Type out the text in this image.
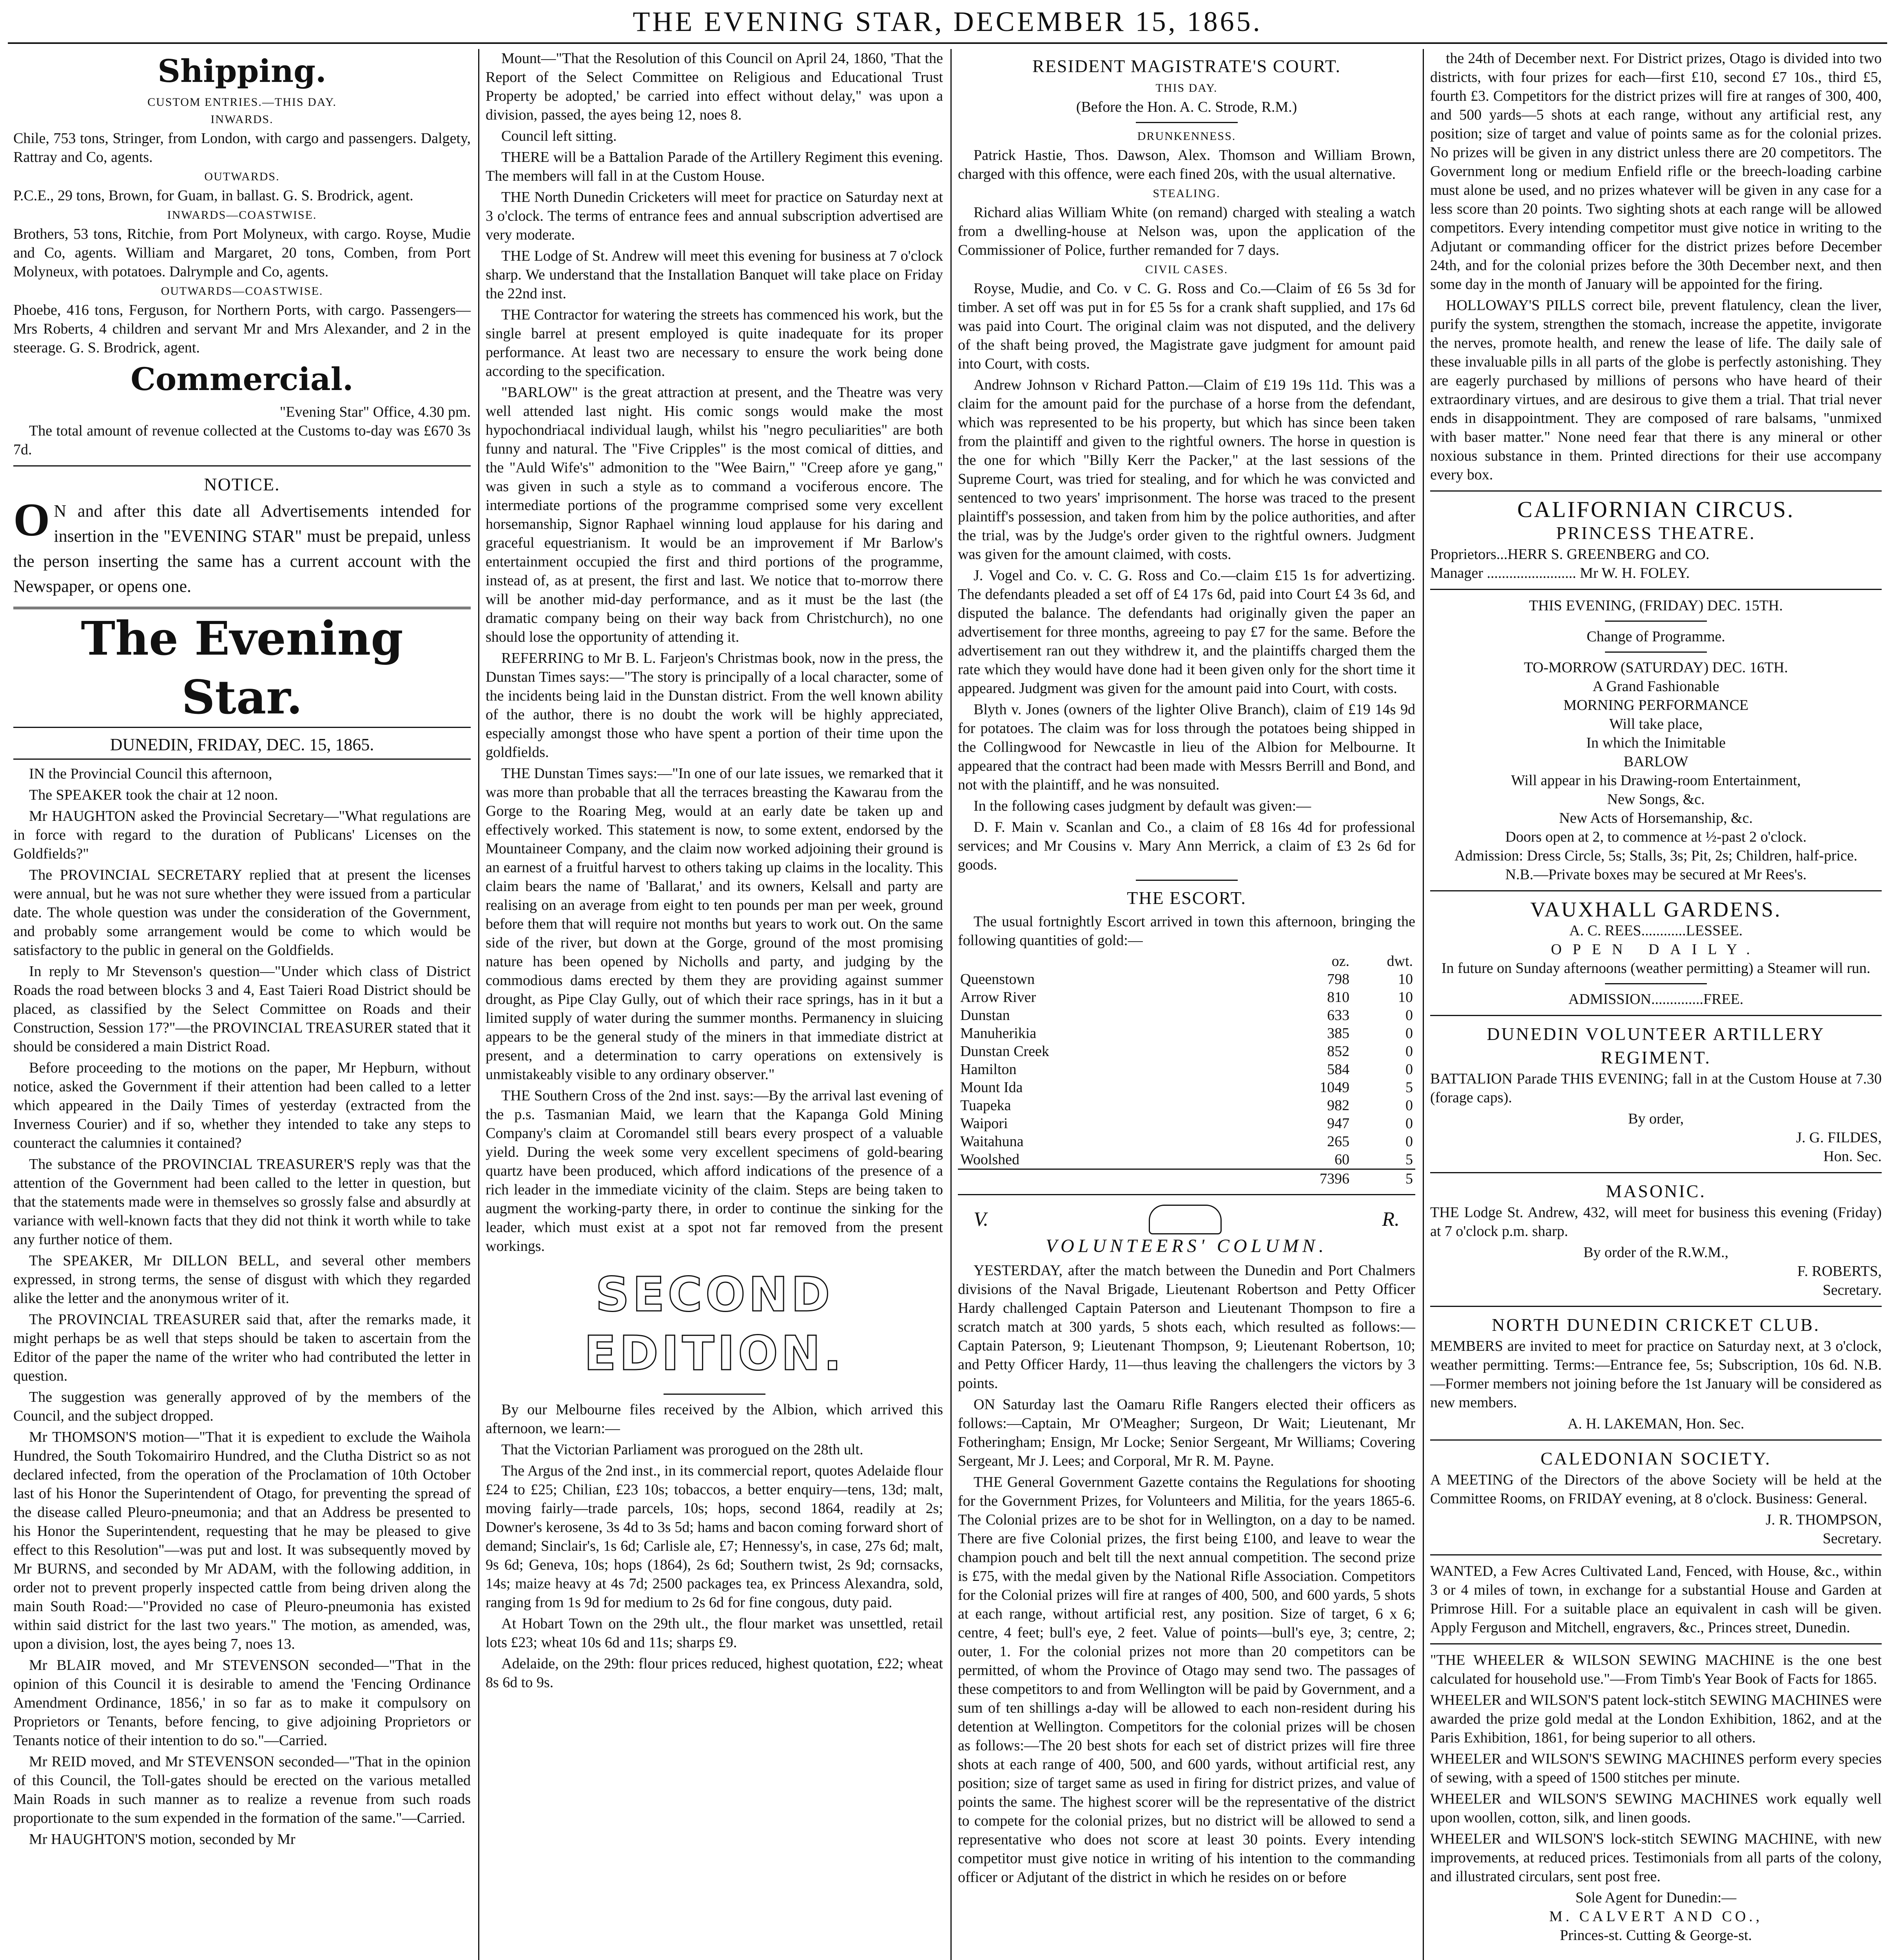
THE EVENING STAR, DECEMBER 15, 1865.
Shipping.
CUSTOM ENTRIES.—THIS DAY.
INWARDS.

Chile, 753 tons, Stringer, from London, with cargo and passengers. Dalgety, Rattray and Co, agents.

OUTWARDS.

P.C.E., 29 tons, Brown, for Guam, in ballast. G. S. Brodrick, agent.

INWARDS—COASTWISE.

Brothers, 53 tons, Ritchie, from Port Molyneux, with cargo. Royse, Mudie and Co, agents. William and Margaret, 20 tons, Comben, from Port Molyneux, with potatoes. Dalrymple and Co, agents.

OUTWARDS—COASTWISE.

Phoebe, 416 tons, Ferguson, for Northern Ports, with cargo. Passengers—Mrs Roberts, 4 children and servant Mr and Mrs Alexander, and 2 in the steerage. G. S. Brodrick, agent.

Commercial.
"Evening Star" Office, 4.30 pm.

The total amount of revenue collected at the Customs to-day was £670 3s 7d.

NOTICE.
O N and after this date all Advertisements intended for insertion in the "EVENING STAR" must be prepaid, unless the person inserting the same has a current account with the Newspaper, or opens one.
The Evening Star.
DUNEDIN, FRIDAY, DEC. 15, 1865.

IN the Provincial Council this afternoon,

The SPEAKER took the chair at 12 noon.

Mr HAUGHTON asked the Provincial Secretary—"What regulations are in force with regard to the duration of Publicans' Licenses on the Goldfields?"

The PROVINCIAL SECRETARY replied that at present the licenses were annual, but he was not sure whether they were issued from a particular date. The whole question was under the consideration of the Government, and probably some arrangement would be come to which would be satisfactory to the public in general on the Goldfields.

In reply to Mr Stevenson's question—"Under which class of District Roads the road between blocks 3 and 4, East Taieri Road District should be placed, as classified by the Select Committee on Roads and their Construction, Session 17?"—the PROVINCIAL TREASURER stated that it should be considered a main District Road.

Before proceeding to the motions on the paper, Mr Hepburn, without notice, asked the Government if their attention had been called to a letter which appeared in the Daily Times of yesterday (extracted from the Inverness Courier) and if so, whether they intended to take any steps to counteract the calumnies it contained?

The substance of the PROVINCIAL TREASURER'S reply was that the attention of the Government had been called to the letter in question, but that the statements made were in themselves so grossly false and absurdly at variance with well-known facts that they did not think it worth while to take any further notice of them.

The SPEAKER, Mr DILLON BELL, and several other members expressed, in strong terms, the sense of disgust with which they regarded alike the letter and the anonymous writer of it.

The PROVINCIAL TREASURER said that, after the remarks made, it might perhaps be as well that steps should be taken to ascertain from the Editor of the paper the name of the writer who had contributed the letter in question.

The suggestion was generally approved of by the members of the Council, and the subject dropped.

Mr THOMSON'S motion—"That it is expedient to exclude the Waihola Hundred, the South Tokomairiro Hundred, and the Clutha District so as not declared infected, from the operation of the Proclamation of 10th October last of his Honor the Superintendent of Otago, for preventing the spread of the disease called Pleuro-pneumonia; and that an Address be presented to his Honor the Superintendent, requesting that he may be pleased to give effect to this Resolution"—was put and lost. It was subsequently moved by Mr BURNS, and seconded by Mr ADAM, with the following addition, in order not to prevent properly inspected cattle from being driven along the main South Road:—"Provided no case of Pleuro-pneumonia has existed within said district for the last two years." The motion, as amended, was, upon a division, lost, the ayes being 7, noes 13.

Mr BLAIR moved, and Mr STEVENSON seconded—"That in the opinion of this Council it is desirable to amend the 'Fencing Ordinance Amendment Ordinance, 1856,' in so far as to make it compulsory on Proprietors or Tenants, before fencing, to give adjoining Proprietors or Tenants notice of their intention to do so."—Carried.

Mr REID moved, and Mr STEVENSON seconded—"That in the opinion of this Council, the Toll-gates should be erected on the various metalled Main Roads in such manner as to realize a revenue from such roads proportionate to the sum expended in the formation of the same."—Carried.

Mr HAUGHTON'S motion, seconded by Mr

Mount—"That the Resolution of this Council on April 24, 1860, 'That the Report of the Select Committee on Religious and Educational Trust Property be adopted,' be carried into effect without delay," was upon a division, passed, the ayes being 12, noes 8.

Council left sitting.

THERE will be a Battalion Parade of the Artillery Regiment this evening. The members will fall in at the Custom House.

THE North Dunedin Cricketers will meet for practice on Saturday next at 3 o'clock. The terms of entrance fees and annual subscription advertised are very moderate.

THE Lodge of St. Andrew will meet this evening for business at 7 o'clock sharp. We understand that the Installation Banquet will take place on Friday the 22nd inst.

THE Contractor for watering the streets has commenced his work, but the single barrel at present employed is quite inadequate for its proper performance. At least two are necessary to ensure the work being done according to the specification.

"BARLOW" is the great attraction at present, and the Theatre was very well attended last night. His comic songs would make the most hypochondriacal individual laugh, whilst his "negro peculiarities" are both funny and natural. The "Five Cripples" is the most comical of ditties, and the "Auld Wife's" admonition to the "Wee Bairn," "Creep afore ye gang," was given in such a style as to command a vociferous encore. The intermediate portions of the programme comprised some very excellent horsemanship, Signor Raphael winning loud applause for his daring and graceful equestrianism. It would be an improvement if Mr Barlow's entertainment occupied the first and third portions of the programme, instead of, as at present, the first and last. We notice that to-morrow there will be another mid-day performance, and as it must be the last (the dramatic company being on their way back from Christchurch), no one should lose the opportunity of attending it.

REFERRING to Mr B. L. Farjeon's Christmas book, now in the press, the Dunstan Times says:—"The story is principally of a local character, some of the incidents being laid in the Dunstan district. From the well known ability of the author, there is no doubt the work will be highly appreciated, especially amongst those who have spent a portion of their time upon the goldfields.

THE Dunstan Times says:—"In one of our late issues, we remarked that it was more than probable that all the terraces breasting the Kawarau from the Gorge to the Roaring Meg, would at an early date be taken up and effectively worked. This statement is now, to some extent, endorsed by the Mountaineer Company, and the claim now worked adjoining their ground is an earnest of a fruitful harvest to others taking up claims in the locality. This claim bears the name of 'Ballarat,' and its owners, Kelsall and party are realising on an average from eight to ten pounds per man per week, ground before them that will require not months but years to work out. On the same side of the river, but down at the Gorge, ground of the most promising nature has been opened by Nicholls and party, and judging by the commodious dams erected by them they are providing against summer drought, as Pipe Clay Gully, out of which their race springs, has in it but a limited supply of water during the summer months. Permanency in sluicing appears to be the general study of the miners in that immediate district at present, and a determination to carry operations on extensively is unmistakeably visible to any ordinary observer."

THE Southern Cross of the 2nd inst. says:—By the arrival last evening of the p.s. Tasmanian Maid, we learn that the Kapanga Gold Mining Company's claim at Coromandel still bears every prospect of a valuable yield. During the week some very excellent specimens of gold-bearing quartz have been produced, which afford indications of the presence of a rich leader in the immediate vicinity of the claim. Steps are being taken to augment the working-party there, in order to continue the sinking for the leader, which must exist at a spot not far removed from the present workings.

SECOND EDITION.

By our Melbourne files received by the Albion, which arrived this afternoon, we learn:—

That the Victorian Parliament was prorogued on the 28th ult.

The Argus of the 2nd inst., in its commercial report, quotes Adelaide flour £24 to £25; Chilian, £23 10s; tobaccos, a better enquiry—tens, 13d; malt, moving fairly—trade parcels, 10s; hops, second 1864, readily at 2s; Downer's kerosene, 3s 4d to 3s 5d; hams and bacon coming forward short of demand; Sinclair's, 1s 6d; Carlisle ale, £7; Hennessy's, in case, 27s 6d; malt, 9s 6d; Geneva, 10s; hops (1864), 2s 6d; Southern twist, 2s 9d; cornsacks, 14s; maize heavy at 4s 7d; 2500 packages tea, ex Princess Alexandra, sold, ranging from 1s 9d for medium to 2s 6d for fine congous, duty paid.

At Hobart Town on the 29th ult., the flour market was unsettled, retail lots £23; wheat 10s 6d and 11s; sharps £9.

Adelaide, on the 29th: flour prices reduced, highest quotation, £22; wheat 8s 6d to 9s.

RESIDENT MAGISTRATE'S COURT.
THIS DAY.
(Before the Hon. A. C. Strode, R.M.)
DRUNKENNESS.

Patrick Hastie, Thos. Dawson, Alex. Thomson and William Brown, charged with this offence, were each fined 20s, with the usual alternative.

STEALING.

Richard alias William White (on remand) charged with stealing a watch from a dwelling-house at Nelson was, upon the application of the Commissioner of Police, further remanded for 7 days.

CIVIL CASES.

Royse, Mudie, and Co. v C. G. Ross and Co.—Claim of £6 5s 3d for timber. A set off was put in for £5 5s for a crank shaft supplied, and 17s 6d was paid into Court. The original claim was not disputed, and the delivery of the shaft being proved, the Magistrate gave judgment for amount paid into Court, with costs.

Andrew Johnson v Richard Patton.—Claim of £19 19s 11d. This was a claim for the amount paid for the purchase of a horse from the defendant, which was represented to be his property, but which has since been taken from the plaintiff and given to the rightful owners. The horse in question is the one for which "Billy Kerr the Packer," at the last sessions of the Supreme Court, was tried for stealing, and for which he was convicted and sentenced to two years' imprisonment. The horse was traced to the present plaintiff's possession, and taken from him by the police authorities, and after the trial, was by the Judge's order given to the rightful owners. Judgment was given for the amount claimed, with costs.

J. Vogel and Co. v. C. G. Ross and Co.—claim £15 1s for advertizing. The defendants pleaded a set off of £4 17s 6d, paid into Court £4 3s 6d, and disputed the balance. The defendants had originally given the paper an advertisement for three months, agreeing to pay £7 for the same. Before the advertisement ran out they withdrew it, and the plaintiffs charged them the rate which they would have done had it been given only for the short time it appeared. Judgment was given for the amount paid into Court, with costs.

Blyth v. Jones (owners of the lighter Olive Branch), claim of £19 14s 9d for potatoes. The claim was for loss through the potatoes being shipped in the Collingwood for Newcastle in lieu of the Albion for Melbourne. It appeared that the contract had been made with Messrs Berrill and Bond, and not with the plaintiff, and he was nonsuited.

In the following cases judgment by default was given:—

D. F. Main v. Scanlan and Co., a claim of £8 16s 4d for professional services; and Mr Cousins v. Mary Ann Merrick, a claim of £3 2s 6d for goods.

THE ESCORT.

The usual fortnightly Escort arrived in town this afternoon, bringing the following quantities of gold:—

	oz.	dwt.
Queenstown	798	10
Arrow River	810	10
Dunstan	633	0
Manuherikia	385	0
Dunstan Creek	852	0
Hamilton	584	0
Mount Ida	1049	5
Tuapeka	982	0
Waipori	947	0
Waitahuna	265	0
Woolshed	60	5
	7396	5
V.	R.
VOLUNTEERS' COLUMN.

YESTERDAY, after the match between the Dunedin and Port Chalmers divisions of the Naval Brigade, Lieutenant Robertson and Petty Officer Hardy challenged Captain Paterson and Lieutenant Thompson to fire a scratch match at 300 yards, 5 shots each, which resulted as follows:—Captain Paterson, 9; Lieutenant Thompson, 9; Lieutenant Robertson, 10; and Petty Officer Hardy, 11—thus leaving the challengers the victors by 3 points.

ON Saturday last the Oamaru Rifle Rangers elected their officers as follows:—Captain, Mr O'Meagher; Surgeon, Dr Wait; Lieutenant, Mr Fotheringham; Ensign, Mr Locke; Senior Sergeant, Mr Williams; Covering Sergeant, Mr J. Lees; and Corporal, Mr R. M. Payne.

THE General Government Gazette contains the Regulations for shooting for the Government Prizes, for Volunteers and Militia, for the years 1865-6. The Colonial prizes are to be shot for in Wellington, on a day to be named. There are five Colonial prizes, the first being £100, and leave to wear the champion pouch and belt till the next annual competition. The second prize is £75, with the medal given by the National Rifle Association. Competitors for the Colonial prizes will fire at ranges of 400, 500, and 600 yards, 5 shots at each range, without artificial rest, any position. Size of target, 6 x 6; centre, 4 feet; bull's eye, 2 feet. Value of points—bull's eye, 3; centre, 2; outer, 1. For the colonial prizes not more than 20 competitors can be permitted, of whom the Province of Otago may send two. The passages of these competitors to and from Wellington will be paid by Government, and a sum of ten shillings a-day will be allowed to each non-resident during his detention at Wellington. Competitors for the colonial prizes will be chosen as follows:—The 20 best shots for each set of district prizes will fire three shots at each range of 400, 500, and 600 yards, without artificial rest, any position; size of target same as used in firing for district prizes, and value of points the same. The highest scorer will be the representative of the district to compete for the colonial prizes, but no district will be allowed to send a representative who does not score at least 30 points. Every intending competitor must give notice in writing of his intention to the commanding officer or Adjutant of the district in which he resides on or before

the 24th of December next. For District prizes, Otago is divided into two districts, with four prizes for each—first £10, second £7 10s., third £5, fourth £3. Competitors for the district prizes will fire at ranges of 300, 400, and 500 yards—5 shots at each range, without any artificial rest, any position; size of target and value of points same as for the colonial prizes. No prizes will be given in any district unless there are 20 competitors. The Government long or medium Enfield rifle or the breech-loading carbine must alone be used, and no prizes whatever will be given in any case for a less score than 20 points. Two sighting shots at each range will be allowed competitors. Every intending competitor must give notice in writing to the Adjutant or commanding officer for the district prizes before December 24th, and for the colonial prizes before the 30th December next, and then some day in the month of January will be appointed for the firing.

HOLLOWAY'S PILLS correct bile, prevent flatulency, clean the liver, purify the system, strengthen the stomach, increase the appetite, invigorate the nerves, promote health, and renew the lease of life. The daily sale of these invaluable pills in all parts of the globe is perfectly astonishing. They are eagerly purchased by millions of persons who have heard of their extraordinary virtues, and are desirous to give them a trial. That trial never ends in disappointment. They are composed of rare balsams, "unmixed with baser matter." None need fear that there is any mineral or other noxious substance in them. Printed directions for their use accompany every box.

CALIFORNIAN CIRCUS.
PRINCESS THEATRE.
Proprietors...HERR S. GREENBERG and CO.
Manager ........................ Mr W. H. FOLEY.
THIS EVENING, (FRIDAY) DEC. 15TH.
Change of Programme.
TO-MORROW (SATURDAY) DEC. 16TH.
A Grand Fashionable
MORNING PERFORMANCE
Will take place,
In which the Inimitable
BARLOW
Will appear in his Drawing-room Entertainment,
New Songs, &c.
New Acts of Horsemanship, &c.
Doors open at 2, to commence at ½-past 2 o'clock.
Admission: Dress Circle, 5s; Stalls, 3s; Pit, 2s; Children, half-price.
N.B.—Private boxes may be secured at Mr Rees's.
VAUXHALL GARDENS.
A. C. REES............LESSEE.
OPEN DAILY.
In future on Sunday afternoons (weather permitting) a Steamer will run.
ADMISSION..............FREE.
DUNEDIN VOLUNTEER ARTILLERY REGIMENT.

BATTALION Parade THIS EVENING; fall in at the Custom House at 7.30 (forage caps).

By order,
J. G. FILDES,
Hon. Sec.
MASONIC.

THE Lodge St. Andrew, 432, will meet for business this evening (Friday) at 7 o'clock p.m. sharp.

By order of the R.W.M.,
F. ROBERTS,
Secretary.
NORTH DUNEDIN CRICKET CLUB.

MEMBERS are invited to meet for practice on Saturday next, at 3 o'clock, weather permitting. Terms:—Entrance fee, 5s; Subscription, 10s 6d. N.B.—Former members not joining before the 1st January will be considered as new members.

A. H. LAKEMAN, Hon. Sec.
CALEDONIAN SOCIETY.

A MEETING of the Directors of the above Society will be held at the Committee Rooms, on FRIDAY evening, at 8 o'clock. Business: General.

J. R. THOMPSON,
Secretary.

WANTED, a Few Acres Cultivated Land, Fenced, with House, &c., within 3 or 4 miles of town, in exchange for a substantial House and Garden at Primrose Hill. For a suitable place an equivalent in cash will be given. Apply Ferguson and Mitchell, engravers, &c., Princes street, Dunedin.

"THE WHEELER & WILSON SEWING MACHINE is the one best calculated for household use."—From Timb's Year Book of Facts for 1865.

WHEELER and WILSON'S patent lock-stitch SEWING MACHINES were awarded the prize gold medal at the London Exhibition, 1862, and at the Paris Exhibition, 1861, for being superior to all others.

WHEELER and WILSON'S SEWING MACHINES perform every species of sewing, with a speed of 1500 stitches per minute.

WHEELER and WILSON'S SEWING MACHINES work equally well upon woollen, cotton, silk, and linen goods.

WHEELER and WILSON'S lock-stitch SEWING MACHINE, with new improvements, at reduced prices. Testimonials from all parts of the colony, and illustrated circulars, sent post free.

Sole Agent for Dunedin:—
M. CALVERT AND CO.,
Princes-st. Cutting & George-st.
